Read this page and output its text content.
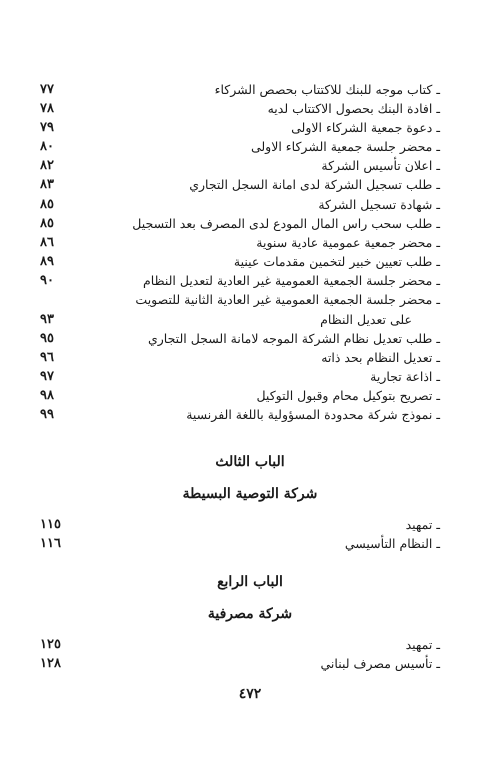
ـ كتاب موجه للبنك للاكتتاب بحصص الشركاء
٧٧
ـ افادة البنك بحصول الاكتتاب لديه
٧٨
ـ دعوة جمعية الشركاء الاولى
٧٩
ـ محضر جلسة جمعية الشركاء الاولى
٨٠
ـ اعلان تأسيس الشركة
٨٢
ـ طلب تسجيل الشركة لدى امانة السجل التجاري
٨٣
ـ شهادة تسجيل الشركة
٨٥
ـ طلب سحب راس المال المودع لدى المصرف بعد التسجيل
٨٥
ـ محضر جمعية عمومية عادية سنوية
٨٦
ـ طلب تعيين خبير لتخمين مقدمات عينية
٨٩
ـ محضر جلسة الجمعية العمومية غير العادية لتعديل النظام
٩٠
ـ محضر جلسة الجمعية العمومية غير العادية الثانية للتصويت
على تعديل النظام
٩٣
ـ طلب تعديل نظام الشركة الموجه لامانة السجل التجاري
٩٥
ـ تعديل النظام بحد ذاته
٩٦
ـ اذاعة تجارية
٩٧
ـ تصريح بتوكيل محام وقبول التوكيل
٩٨
ـ نموذج شركة محدودة المسؤولية باللغة الفرنسية
٩٩
الباب الثالث
شركة التوصية البسيطة
ـ تمهيد
١١٥
ـ النظام التأسيسي
١١٦
الباب الرابع
شركة مصرفية
ـ تمهيد
١٢٥
ـ تأسيس مصرف لبناني
١٢٨
٤٧٢
